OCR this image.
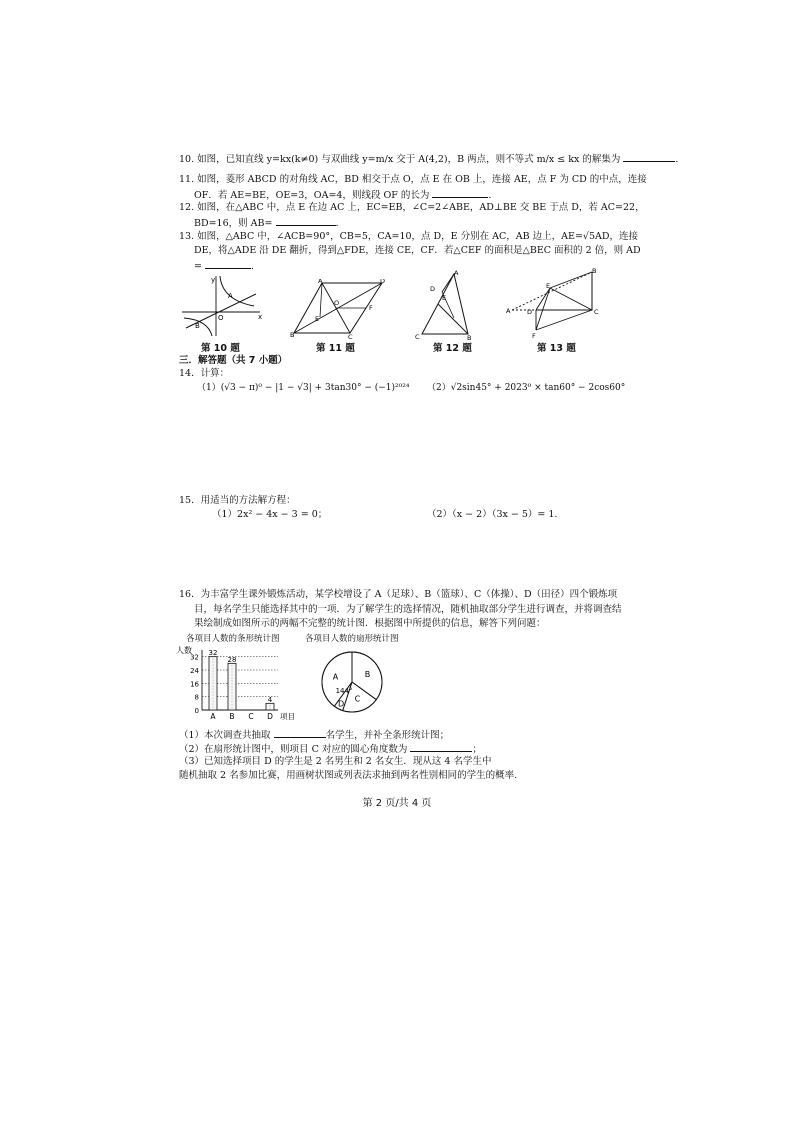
10. 如图，已知直线 y=kx(k≠0) 与双曲线 y=m/x 交于 A(4,2)，B 两点，则不等式 m/x ≤ kx 的解集为	.
11. 如图，菱形 ABCD 的对角线 AC，BD 相交于点 O，点 E 在 OB 上，连接 AE，点 F 为 CD 的中点，连接
OF．若 AE=BE，OE=3，OA=4，则线段 OF 的长为	.
12. 如图，在△ABC 中，点 E 在边 AC 上，EC=EB，∠C=2∠ABE，AD⊥BE 交 BE 于点 D，若 AC=22，
BD=16，则 AB=	.
13. 如图，△ABC 中，∠ACB=90°，CB=5，CA=10，点 D，E 分别在 AC，AB 边上，AE=√5AD，连接
DE，将△ADE 沿 DE 翻折，得到△FDE，连接 CE，CF．若△CEF 的面积是△BEC 面积的 2 倍，则 AD
=	.
y
x
A
B
O
第 10 题
A
B	C
D
E
F
O
第 11 题
A
B
C
D
E
第 12 题
A
B
C
D
E
F
第 13 题
三．解答题（共 7 小题）
14．计算：
（1）(√3 − π)⁰ − |1 − √3| + 3tan30° − (−1)²⁰²⁴ （2）√2sin45° + 2023⁰ × tan60° − 2cos60°
15．用适当的方法解方程：
（1）2x² − 4x − 3 = 0；	（2）（x − 2）（3x − 5）= 1.
16．为丰富学生课外锻炼活动，某学校增设了 A（足球）、B（篮球）、C（体操）、D（田径）四个锻炼项
目，每名学生只能选择其中的一项．为了解学生的选择情况，随机抽取部分学生进行调查，并将调查结
果绘制成如图所示的两幅不完整的统计图．根据图中所提供的信息，解答下列问题：
各项目人数的条形统计图	各项目人数的扇形统计图
人数
0
8
16
24
32
32
A
28
B C
4
D 项目
B
C
D
A
144°
（1）本次调查共抽取	名学生，并补全条形统计图；
（2）在扇形统计图中，则项目 C 对应的圆心角度数为	；
（3）已知选择项目 D 的学生是 2 名男生和 2 名女生．现从这 4 名学生中
随机抽取 2 名参加比赛，用画树状图或列表法求抽到两名性别相同的学生的概率.
第 2 页/共 4 页
